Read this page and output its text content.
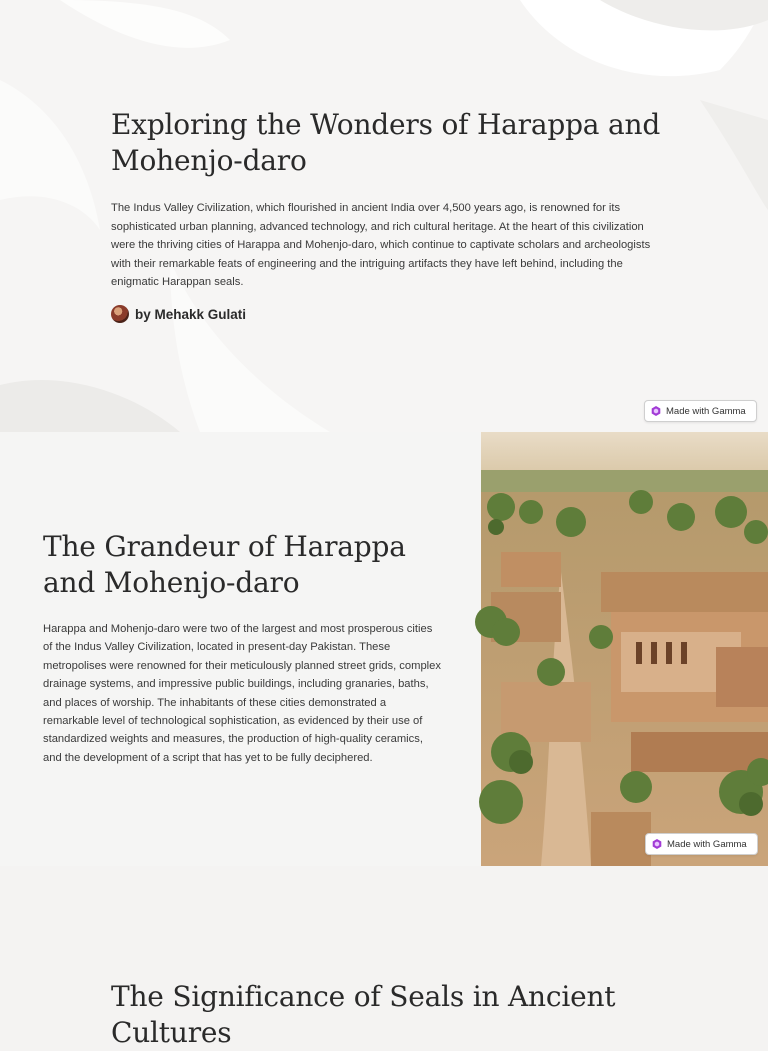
Exploring the Wonders of Harappa and Mohenjo-daro

The Indus Valley Civilization, which flourished in ancient India over 4,500 years ago, is renowned for its sophisticated urban planning, advanced technology, and rich cultural heritage. At the heart of this civilization were the thriving cities of Harappa and Mohenjo-daro, which continue to captivate scholars and archeologists with their remarkable feats of engineering and the intriguing artifacts they have left behind, including the enigmatic Harappan seals.

by Mehakk Gulati
Made with Gamma
The Grandeur of Harappa and Mohenjo-daro

Harappa and Mohenjo-daro were two of the largest and most prosperous cities of the Indus Valley Civilization, located in present-day Pakistan. These metropolises were renowned for their meticulously planned street grids, complex drainage systems, and impressive public buildings, including granaries, baths, and places of worship. The inhabitants of these cities demonstrated a remarkable level of technological sophistication, as evidenced by their use of standardized weights and measures, the production of high-quality ceramics, and the development of a script that has yet to be fully deciphered.

Made with Gamma
The Significance of Seals in Ancient Cultures
